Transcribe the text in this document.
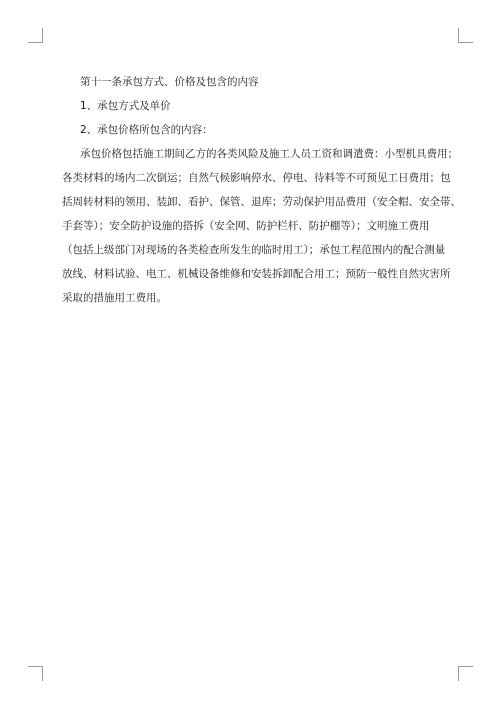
第十一条承包方式、价格及包含的内容

1、承包方式及单价

2、承包价格所包含的内容：

承包价格包括施工期间乙方的各类风险及施工人员工资和调遣费：小型机具费用；

各类材料的场内二次倒运；自然气候影响停水、停电、待料等不可预见工日费用；包

括周转材料的领用、装卸、看护、保管、退库；劳动保护用品费用（安全帽、安全带、

手套等）；安全防护设施的搭拆（安全网、防护栏杆、防护棚等）；文明施工费用

（包括上级部门对现场的各类检查所发生的临时用工）；承包工程范围内的配合测量

放线、材料试验、电工、机械设备维修和安装拆卸配合用工；预防一般性自然灾害所

采取的措施用工费用。
